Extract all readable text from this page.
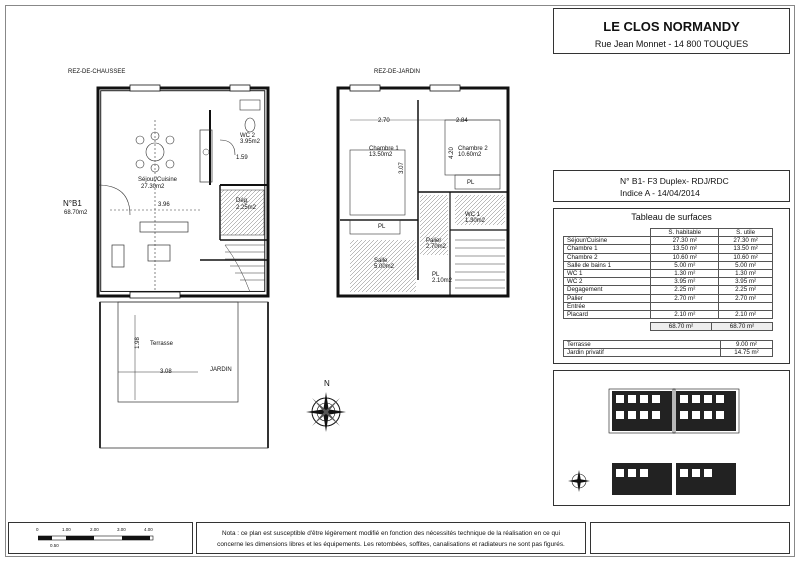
LE CLOS NORMANDY
Rue Jean Monnet - 14 800 TOUQUES
REZ-DE-CHAUSSEE	REZ-DE-JARDIN
N°B1
68.70m2
Séjour/Cuisine
27.30m2
WC 2
3.95m2
Dég.
2.25m2
3.96
1.59
Terrasse
3.08
1.98
JARDIN
2.70	2.84
4.20
3.07
Chambre 1
13.50m2
Chambre 2
10.60m2
Salle
5.00m2
WC 1
1.30m2
Palier
2.70m2
PL
PL
PL
2.10m2
N
N° B1- F3 Duplex- RDJ/RDC
Indice A - 14/04/2014
Tableau de surfaces
	S. habitable	S. utile
Séjour/Cuisine	27.30 m²	27.30 m²
Chambre 1	13.50 m²	13.50 m²
Chambre 2	10.60 m²	10.60 m²
Salle de bains 1	5.00 m²	5.00 m²
WC 1	1.30 m²	1.30 m²
WC 2	3.95 m²	3.95 m²
Degagement	2.25 m²	2.25 m²
Palier	2.70 m²	2.70 m²
Entrée		
Placard	2.10 m²	2.10 m²
68.70 m²	68.70 m²
Terrasse	9.00 m²
Jardin privatif	14.75 m²
0	1.00	2.00	3.00	4.00
0.50
Nota : ce plan est susceptible d'être légèrement modifié en fonction des nécessités technique de la réalisation en ce qui
concerne les dimensions libres et les équipements. Les retombées, soffites, canalisations et radiateurs ne sont pas figurés.
